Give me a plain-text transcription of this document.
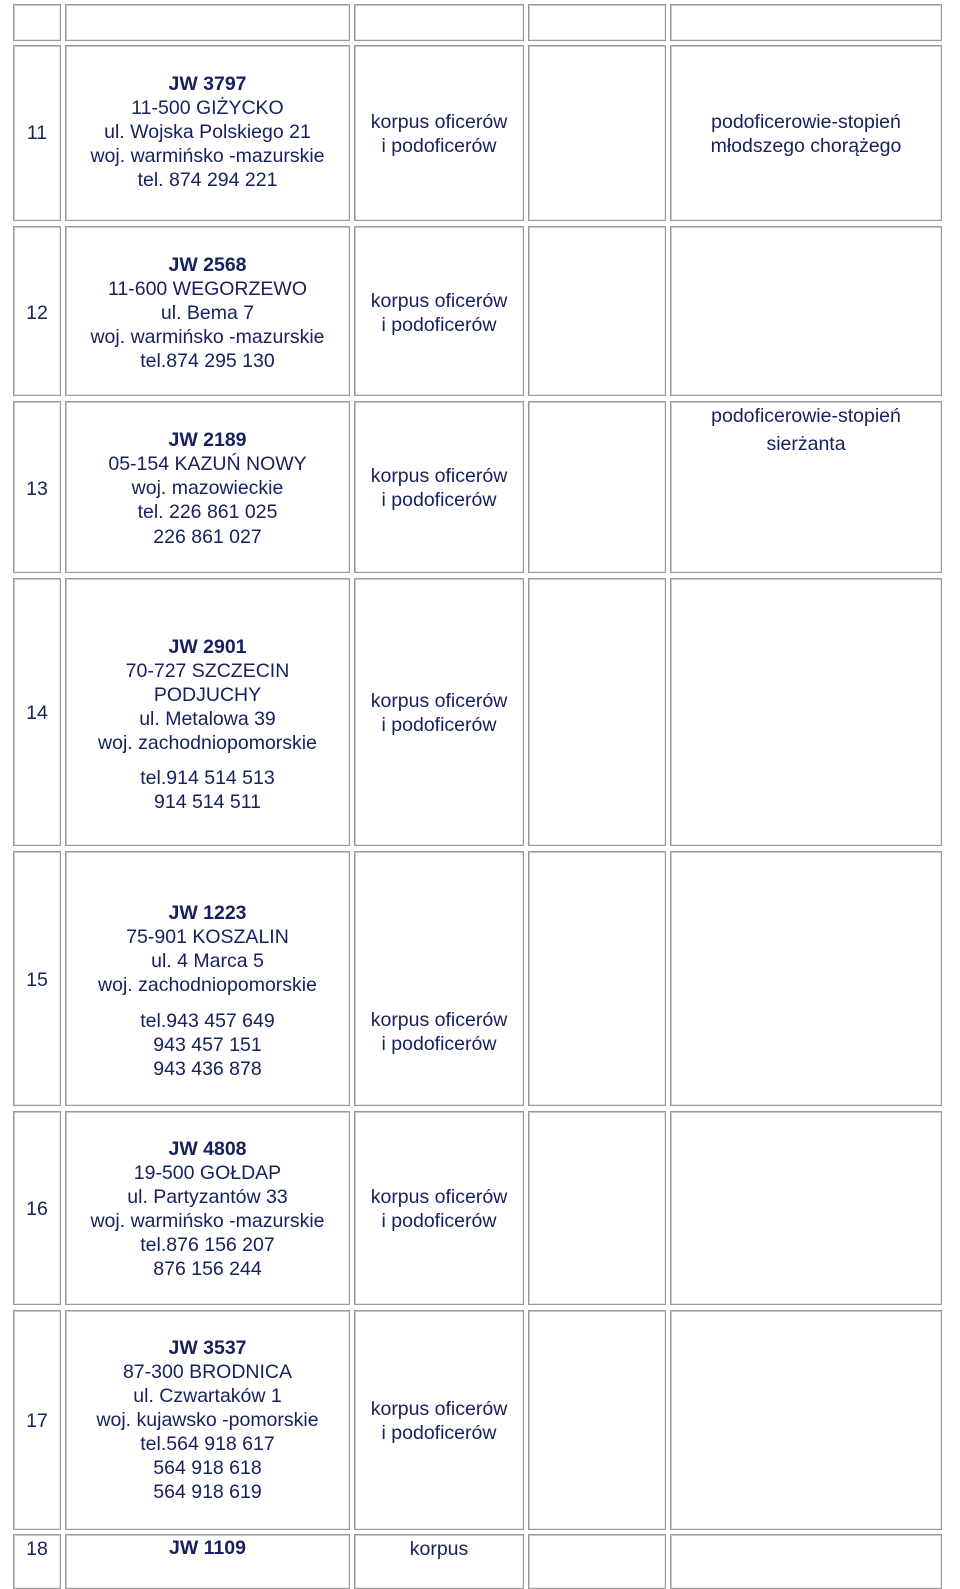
11
JW 3797
11-500 GIŻYCKO
ul. Wojska Polskiego 21
woj. warmińsko -mazurskie
tel. 874 294 221
korpus oficerów
i podoficerów
podoficerowie-stopień
młodszego chorążego
12
JW 2568
11-600 WEGORZEWO
ul. Bema 7
woj. warmińsko -mazurskie
tel.874 295 130
korpus oficerów
i podoficerów
13
JW 2189
05-154 KAZUŃ NOWY
woj. mazowieckie
tel. 226 861 025
226 861 027
korpus oficerów
i podoficerów
podoficerowie-stopień
sierżanta
14
JW 2901
70-727 SZCZECIN
PODJUCHY
ul. Metalowa 39
woj. zachodniopomorskie
tel.914 514 513
914 514 511
korpus oficerów
i podoficerów
15
JW 1223
75-901 KOSZALIN
ul. 4 Marca 5
woj. zachodniopomorskie
tel.943 457 649
943 457 151
943 436 878
korpus oficerów
i podoficerów
16
JW 4808
19-500 GOŁDAP
ul. Partyzantów 33
woj. warmińsko -mazurskie
tel.876 156 207
876 156 244
korpus oficerów
i podoficerów
17
JW 3537
87-300 BRODNICA
ul. Czwartaków 1
woj. kujawsko -pomorskie
tel.564 918 617
564 918 618
564 918 619
korpus oficerów
i podoficerów
18	JW 1109	korpus
